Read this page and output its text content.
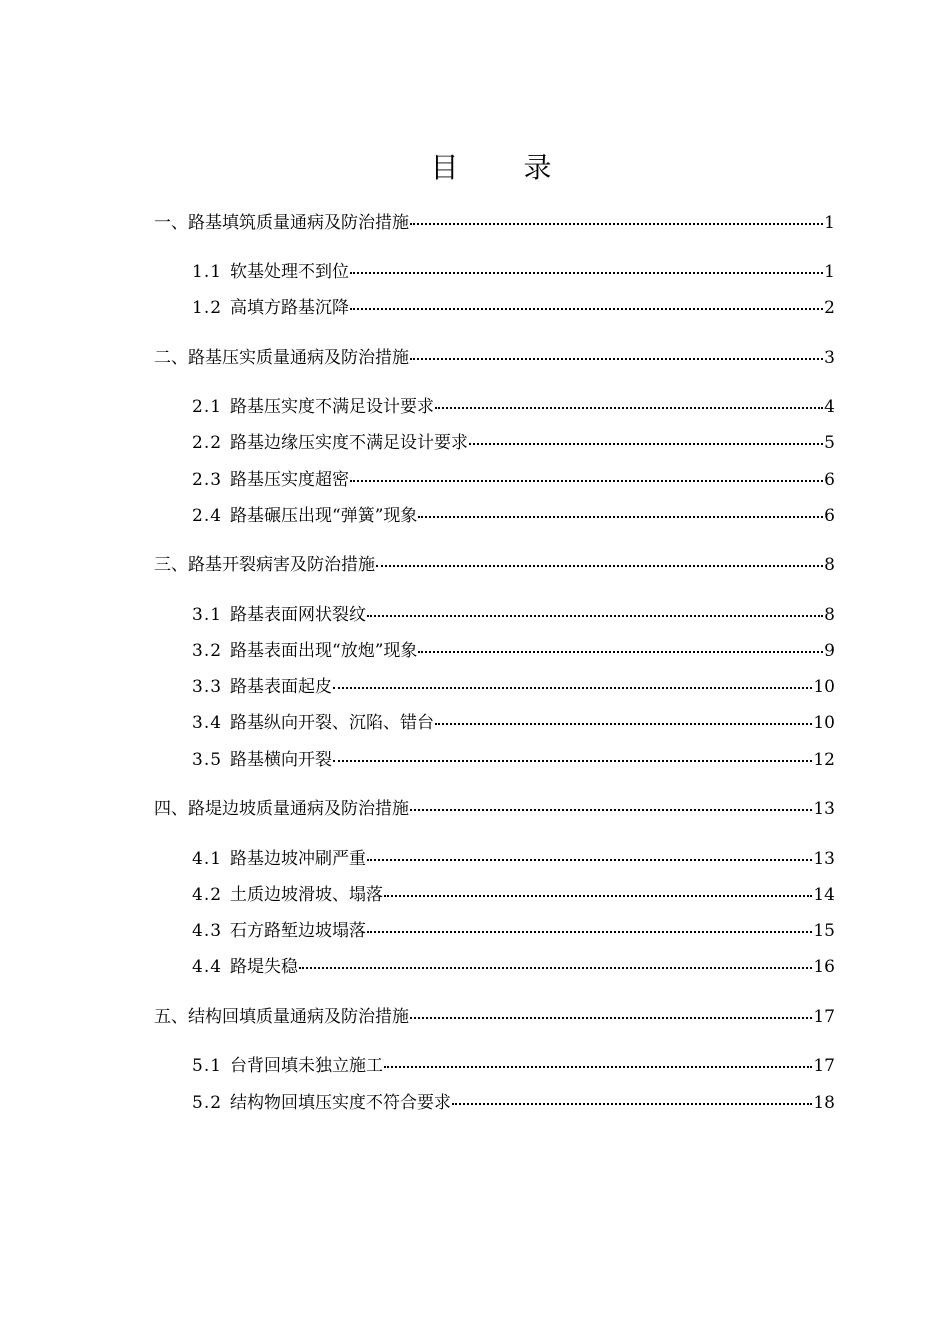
目 录
一、 路基填筑质量通病及防治措施	1
1.1 软基处理不到位	1
1.2 高填方路基沉降	2
二、 路基压实质量通病及防治措施	3
2.1 路基压实度不满足设计要求	4
2.2 路基边缘压实度不满足设计要求	5
2.3 路基压实度超密	6
2.4 路基碾压出现“弹簧”现象	6
三、 路基开裂病害及防治措施	8
3.1 路基表面网状裂纹	8
3.2 路基表面出现“放炮”现象	9
3.3 路基表面起皮	10
3.4 路基纵向开裂、沉陷、错台	10
3.5 路基横向开裂	12
四、 路堤边坡质量通病及防治措施	13
4.1 路基边坡冲刷严重	13
4.2 土质边坡滑坡、塌落	14
4.3 石方路堑边坡塌落	15
4.4 路堤失稳	16
五、 结构回填质量通病及防治措施	17
5.1 台背回填未独立施工	17
5.2 结构物回填压实度不符合要求	18
